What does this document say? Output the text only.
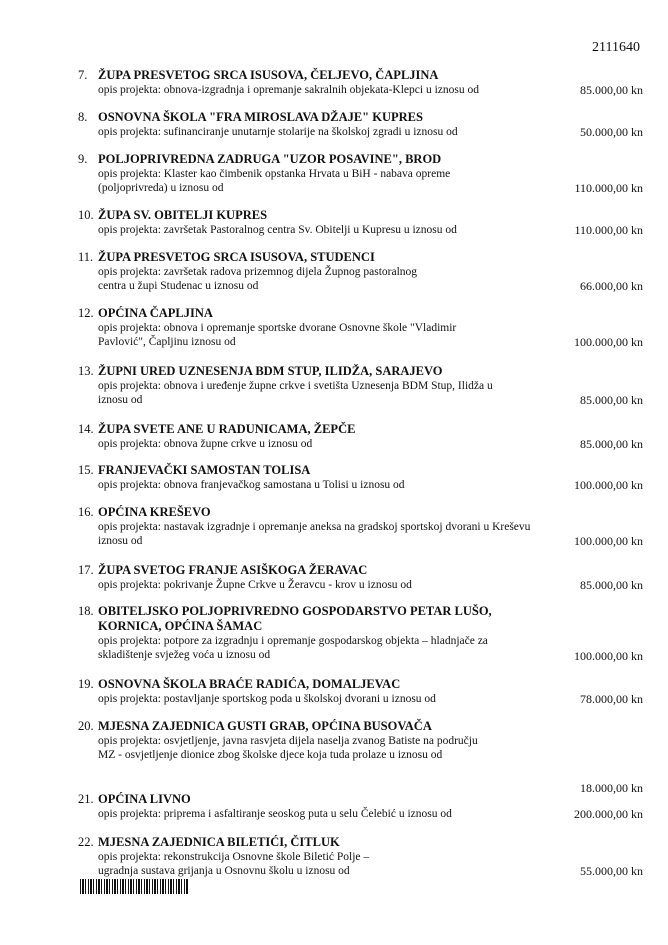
2111640
7. ŽUPA PRESVETOG SRCA ISUSOVA, ČELJEVO, ČAPLJINA
opis projekta: obnova-izgradnja i opremanje sakralnih objekata-Klepci u iznosu od	85.000,00 kn
8. OSNOVNA ŠKOLA "FRA MIROSLAVA DŽAJE" KUPRES
opis projekta: sufinanciranje unutarnje stolarije na školskoj zgradi u iznosu od	50.000,00 kn
9. POLJOPRIVREDNA ZADRUGA "UZOR POSAVINE", BROD
opis projekta: Klaster kao čimbenik opstanka Hrvata u BiH - nabava opreme (poljoprivreda) u iznosu od	110.000,00 kn
10. ŽUPA SV. OBITELJI KUPRES
opis projekta: završetak Pastoralnog centra Sv. Obitelji u Kupresu u iznosu od	110.000,00 kn
11. ŽUPA PRESVETOG SRCA ISUSOVA, STUDENCI
opis projekta: završetak radova prizemnog dijela Župnog pastoralnog centra u župi Studenac u iznosu od	66.000,00 kn
12. OPĆINA ČAPLJINA
opis projekta: obnova i opremanje sportske dvorane Osnovne škole "Vladimir Pavlović", Čapljinu iznosu od	100.000,00 kn
13. ŽUPNI URED UZNESENJA BDM STUP, ILIDŽA, SARAJEVO
opis projekta: obnova i uređenje župne crkve i svetišta Uznesenja BDM Stup, Ilidža u iznosu od	85.000,00 kn
14. ŽUPA SVETE ANE U RADUNICAMA, ŽEPČE
opis projekta: obnova župne crkve u iznosu od	85.000,00 kn
15. FRANJEVAČKI SAMOSTAN TOLISA
opis projekta: obnova franjevačkog samostana u Tolisi u iznosu od	100.000,00 kn
16. OPĆINA KREŠEVO
opis projekta: nastavak izgradnje i opremanje aneksa na gradskoj sportskoj dvorani u Kreševu iznosu od	100.000,00 kn
17. ŽUPA SVETOG FRANJE ASIŠKOGA ŽERAVAC
opis projekta: pokrivanje Župne Crkve u Žeravcu - krov u iznosu od	85.000,00 kn
18. OBITELJSKO POLJOPRIVREDNO GOSPODARSTVO PETAR LUŠO, KORNICA, OPĆINA ŠAMAC
opis projekta: potpore za izgradnju i opremanje gospodarskog objekta – hladnjače za skladištenje svježeg voća u iznosu od	100.000,00 kn
19. OSNOVNA ŠKOLA BRAĆE RADIĆA, DOMALJEVAC
opis projekta: postavljanje sportskog poda u školskoj dvorani u iznosu od	78.000,00 kn
20. MJESNA ZAJEDNICA GUSTI GRAB, OPĆINA BUSOVAČA
opis projekta: osvjetljenje, javna rasvjeta dijela naselja zvanog Batiste na području MZ - osvjetljenje dionice zbog školske djece koja tuda prolaze u iznosu od
18.000,00 kn
21. OPĆINA LIVNO
opis projekta: priprema i asfaltiranje seoskog puta u selu Čelebić u iznosu od	200.000,00 kn
22. MJESNA ZAJEDNICA BILETIĆI, ČITLUK
opis projekta: rekonstrukcija Osnovne škole Biletić Polje – ugradnja sustava grijanja u Osnovnu školu u iznosu od	55.000,00 kn
